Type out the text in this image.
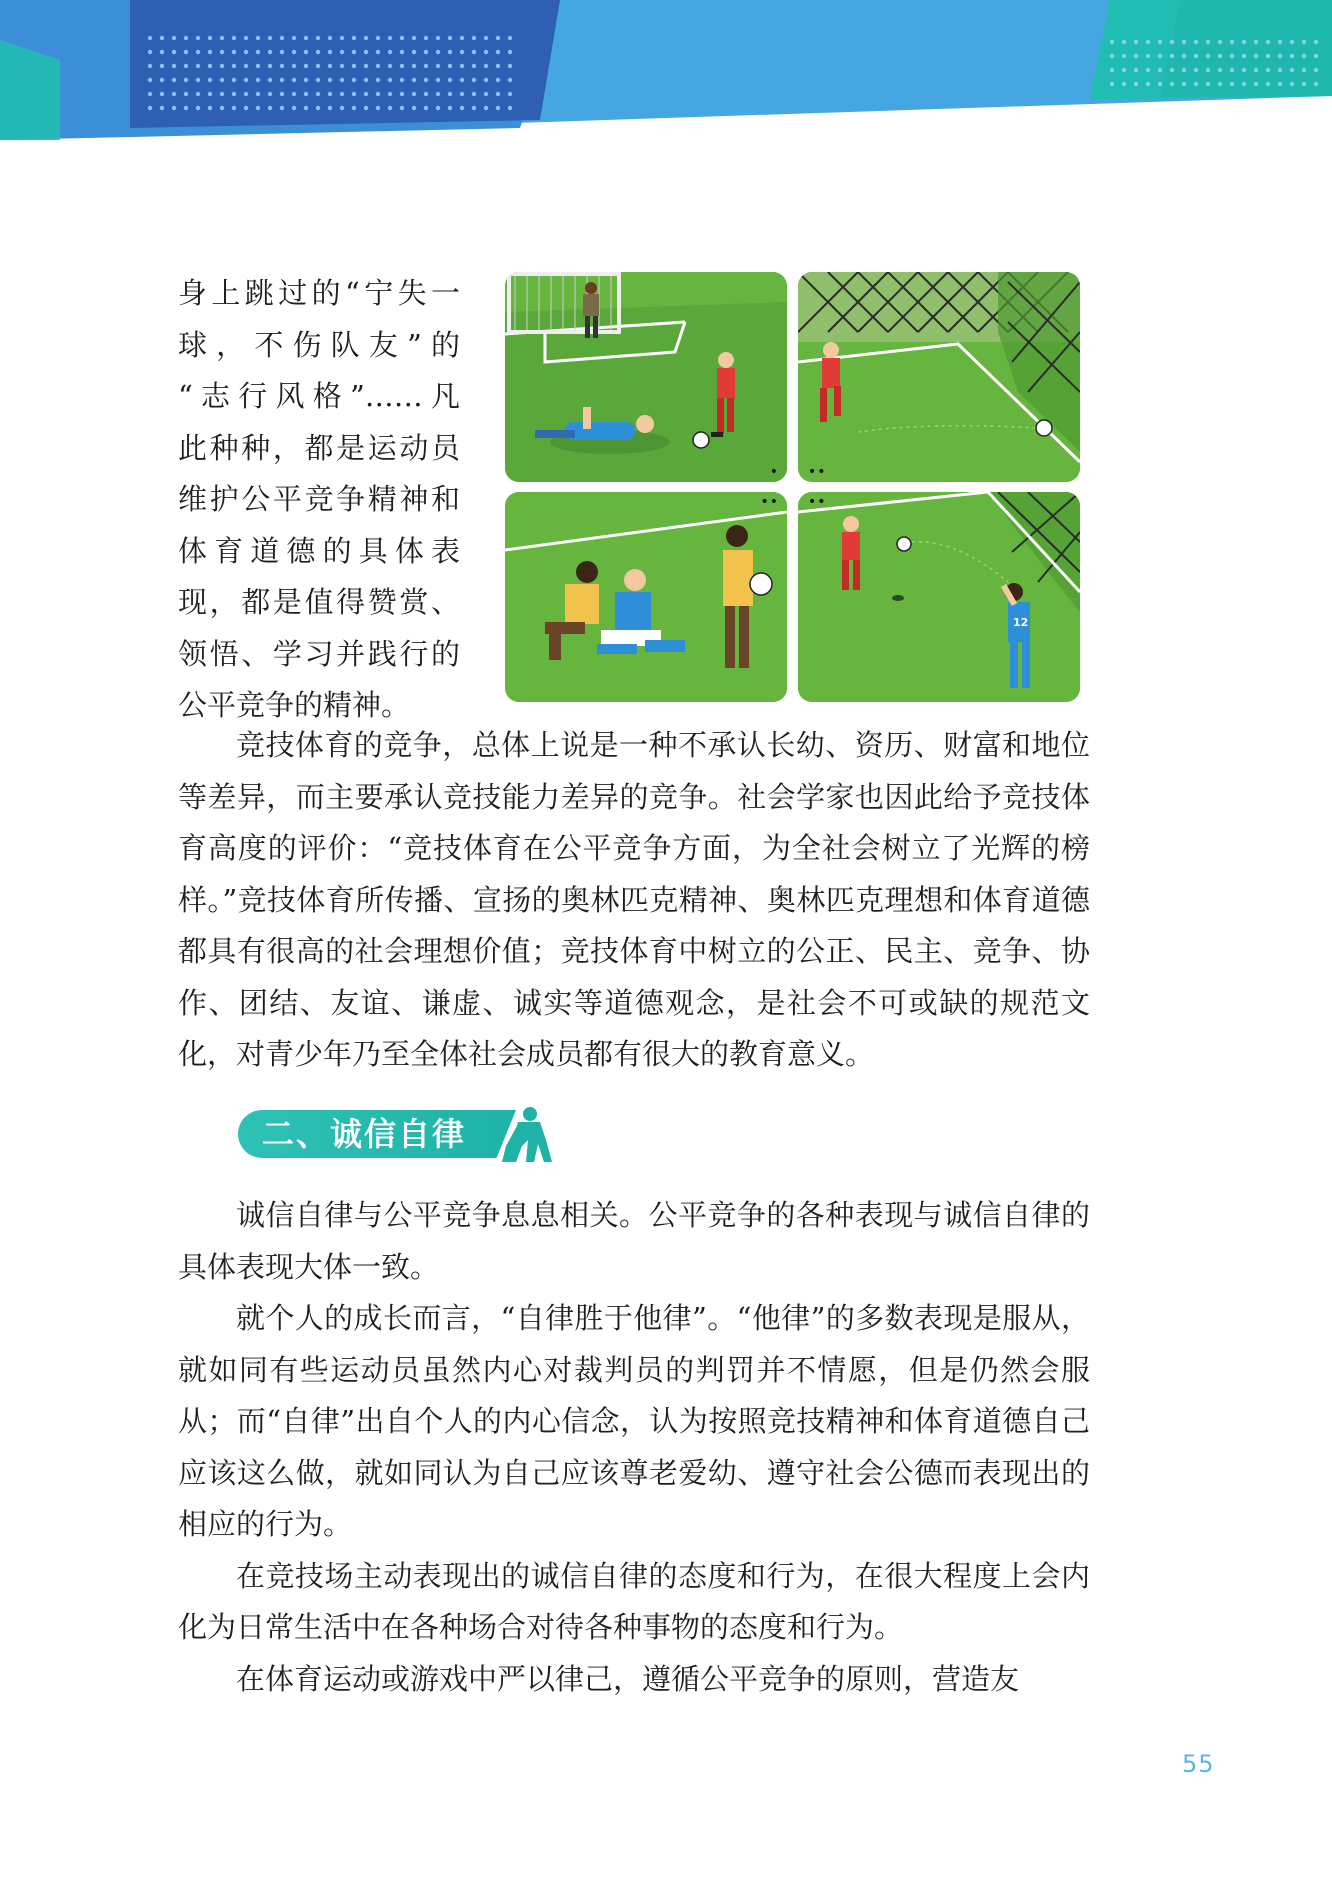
身上跳过的“宁失一
球，不伤队友”的
“志行风格”……凡
此种种，都是运动员
维护公平竞争精神和
体育道德的具体表
现，都是值得赞赏、
领悟、学习并践行的
公平竞争的精神。
• ••
••
12
••

竞技体育的竞争，总体上说是一种不承认长幼、资历、财富和地位等差异，而主要承认竞技能力差异的竞争。社会学家也因此给予竞技体育高度的评价：“竞技体育在公平竞争方面，为全社会树立了光辉的榜样。”竞技体育所传播、宣扬的奥林匹克精神、奥林匹克理想和体育道德都具有很高的社会理想价值；竞技体育中树立的公正、民主、竞争、协作、团结、友谊、谦虚、诚实等道德观念，是社会不可或缺的规范文化，对青少年乃至全体社会成员都有很大的教育意义。

二、诚信自律

诚信自律与公平竞争息息相关。公平竞争的各种表现与诚信自律的具体表现大体一致。

就个人的成长而言，“自律胜于他律”。“他律”的多数表现是服从，就如同有些运动员虽然内心对裁判员的判罚并不情愿，但是仍然会服从；而“自律”出自个人的内心信念，认为按照竞技精神和体育道德自己应该这么做，就如同认为自己应该尊老爱幼、遵守社会公德而表现出的相应的行为。

在竞技场主动表现出的诚信自律的态度和行为，在很大程度上会内化为日常生活中在各种场合对待各种事物的态度和行为。

在体育运动或游戏中严以律己，遵循公平竞争的原则，营造友

55
